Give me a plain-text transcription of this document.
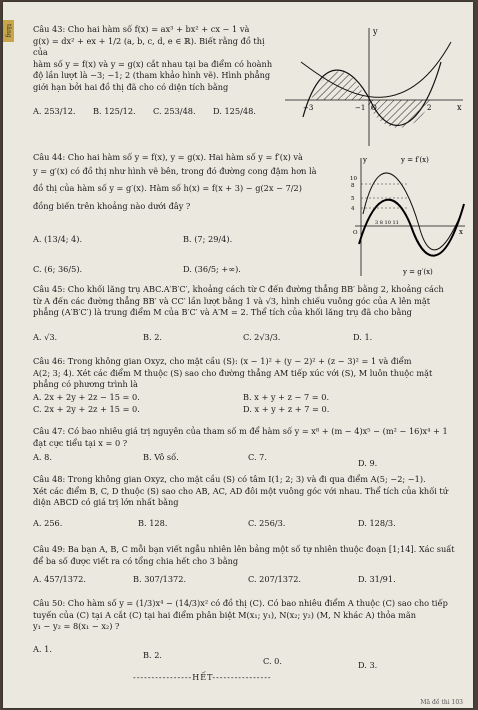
tăng	Câu 43: Cho hai hàm số f(x) = ax³ + bx² + cx − 1 và
g(x) = dx² + ex + 1/2 (a, b, c, d, e ∈ ℝ). Biết rằng đồ thị của
hàm số y = f(x) và y = g(x) cắt nhau tại ba điểm có hoành
độ lần lượt là −3; −1; 2 (tham khảo hình vẽ). Hình phẳng
giới hạn bởi hai đồ thị đã cho có diện tích bằng
A. 253/12. B. 125/12. C. 253/48. D. 125/48.
y
x
−3	−1 O	2
Câu 44: Cho hai hàm số y = f(x), y = g(x). Hai hàm số y = f′(x) và
y = g′(x) có đồ thị như hình vẽ bên, trong đó đường cong đậm hơn là
đồ thị của hàm số y = g′(x). Hàm số h(x) = f(x + 3) − g(2x − 7/2)
đồng biến trên khoảng nào dưới đây ?
A. (13/4; 4).	B. (7; 29/4).
C. (6; 36/5).	D. (36/5; +∞).
y	y = f′(x)
y = g′(x)
10
8
5
4
O
3 8 10 11
x
Câu 45: Cho khối lăng trụ ABC.A′B′C′, khoảng cách từ C đến đường thẳng BB′ bằng 2, khoảng cách
từ A đến các đường thẳng BB′ và CC′ lần lượt bằng 1 và √3, hình chiếu vuông góc của A lên mặt
phẳng (A′B′C′) là trung điểm M của B′C′ và A′M = 2. Thể tích của khối lăng trụ đã cho bằng
A. √3.	B. 2.	C. 2√3/3.	D. 1.
Câu 46: Trong không gian Oxyz, cho mặt cầu (S): (x − 1)² + (y − 2)² + (z − 3)² = 1 và điểm
A(2; 3; 4). Xét các điểm M thuộc (S) sao cho đường thẳng AM tiếp xúc với (S), M luôn thuộc mặt
phẳng có phương trình là
A. 2x + 2y + 2z − 15 = 0.	B. x + y + z − 7 = 0.
C. 2x + 2y + 2z + 15 = 0.	D. x + y + z + 7 = 0.
Câu 47: Có bao nhiêu giá trị nguyên của tham số m để hàm số y = x⁸ + (m − 4)x⁵ − (m² − 16)x⁴ + 1
đạt cực tiểu tại x = 0 ?
A. 8.	B. Vô số.	C. 7.
D. 9.
Câu 48: Trong không gian Oxyz, cho mặt cầu (S) có tâm I(1; 2; 3) và đi qua điểm A(5; −2; −1).
Xét các điểm B, C, D thuộc (S) sao cho AB, AC, AD đôi một vuông góc với nhau. Thể tích của khối tứ
diện ABCD có giá trị lớn nhất bằng
A. 256.	B. 128.	C. 256/3.	D. 128/3.
Câu 49: Ba bạn A, B, C mỗi bạn viết ngẫu nhiên lên bảng một số tự nhiên thuộc đoạn [1;14]. Xác suất
để ba số được viết ra có tổng chia hết cho 3 bằng
A. 457/1372.	B. 307/1372.	C. 207/1372.	D. 31/91.
Câu 50: Cho hàm số y = (1/3)x⁴ − (14/3)x² có đồ thị (C). Có bao nhiêu điểm A thuộc (C) sao cho tiếp
tuyến của (C) tại A cắt (C) tại hai điểm phân biệt M(x₁; y₁), N(x₂; y₂) (M, N khác A) thỏa mãn
y₁ − y₂ = 8(x₁ − x₂) ?
A. 1.
B. 2.
C. 0.	D. 3.
----------------HẾT----------------
Mã đề thi 103
